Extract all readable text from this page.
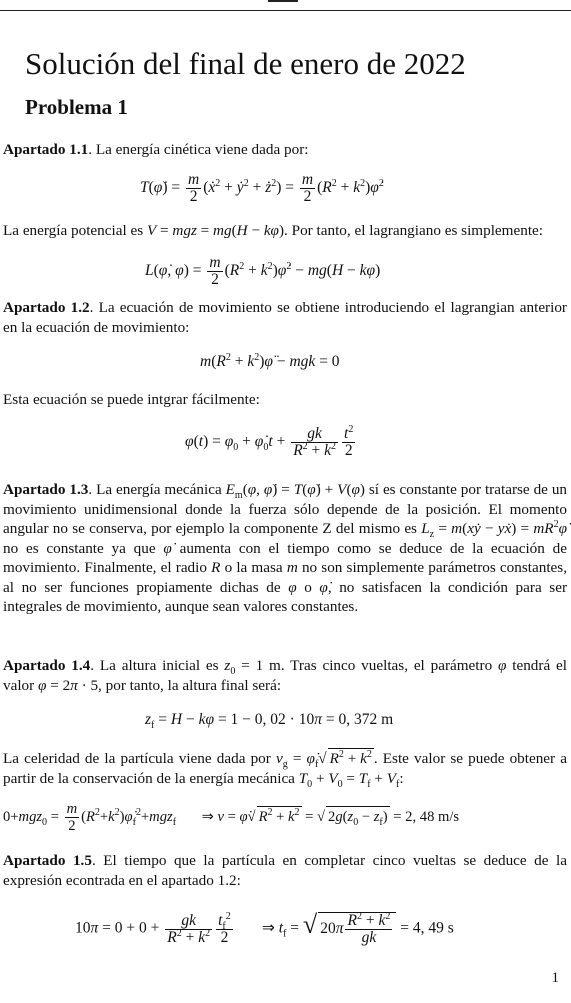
Solución del final de enero de 2022
Problema 1
Apartado 1.1. La energía cinética viene dada por:
T(φ̇) = $\frac{m}{2}$ (ẋ$^2$ + ẏ$^2$ + $ż^2) = \frac{m}{2} (R^2$ + $k^2)\varphi̇^2$
La energía potencial es V = mgz = mg(H − kφ). Por tanto, el lagrangiano es simplemente:
L(φ̇, $\varphi) = \frac{m}{2} (R^2$ + $k^2)\varphi̇^2 - mg(H - k\varphi)$
Apartado 1.2. La ecuación de movimiento se obtiene introduciendo el lagrangian anterior en la ecuación de movimiento:
$m(R^2$ + $k^2)\varphï$ − mgk = 0
Esta ecuación se puede intgrar fácilmente:
$\varphi(t) = \varphi_0$ + $\varphi̇_0t + \frac{gk}{R^2 + k^2} \frac{t^2}{2}$
Apartado 1.3. La energía mecánica $E_m(\varphi$, φ̇) = T(φ̇) + V(φ) sí es constante por tratarse de un movimiento unidimensional donde la fuerza sólo depende de la posición. El momento angular no se conserva, por ejemplo la componente Z del mismo es $L_z$ = m(xẏ − yẋ) = $mR^2\varphi̇$ no es constante ya que φ̇ aumenta con el tiempo como se deduce de la ecuación de movimiento. Finalmente, el radio R o la masa m no son simplemente parámetros constantes, al no ser funciones propiamente dichas de φ o φ̇, no satisfacen la condición para ser integrales de movimiento, aunque sean valores constantes.
Apartado 1.4. La altura inicial es $z_0 = 1$ m. Tras cinco vueltas, el parámetro φ tendrá el valor φ = 2π · 5, por tanto, la altura final será:
$z_f = H - k\varphi = 1 - 0$, 02 · 10π = 0, 372 m
La celeridad de la partícula viene dada por $v_g$ = $\varphi̇_f√$ $R^2 + k^2$ . Este valor se puede obtener a partir de la conservación de la energía mecánica $T_0 + V_0 = T_f + V_f$:
$0+mgz_0 = \frac{m}{2}$ $(R^2+k^2)\varphi̇_f^2+mgz_f$       ⇒ v = φ̇√ $R^2 + k^2$ = √ $2g(z_0 - z_f) = 2$, 48 m/s
Apartado 1.5. El tiempo que la partícula en completar cinco vueltas se deduce de la expresión econtrada en el apartado 1.2:
$10\pi = 0 + 0 + \frac{gk}{R^2 + k^2} \frac{t_f^2}{2}$ ⇒ $t_f$ = √ $20\pi \frac{R^2 + k^2}{gk} = 4$, 49 s
1
